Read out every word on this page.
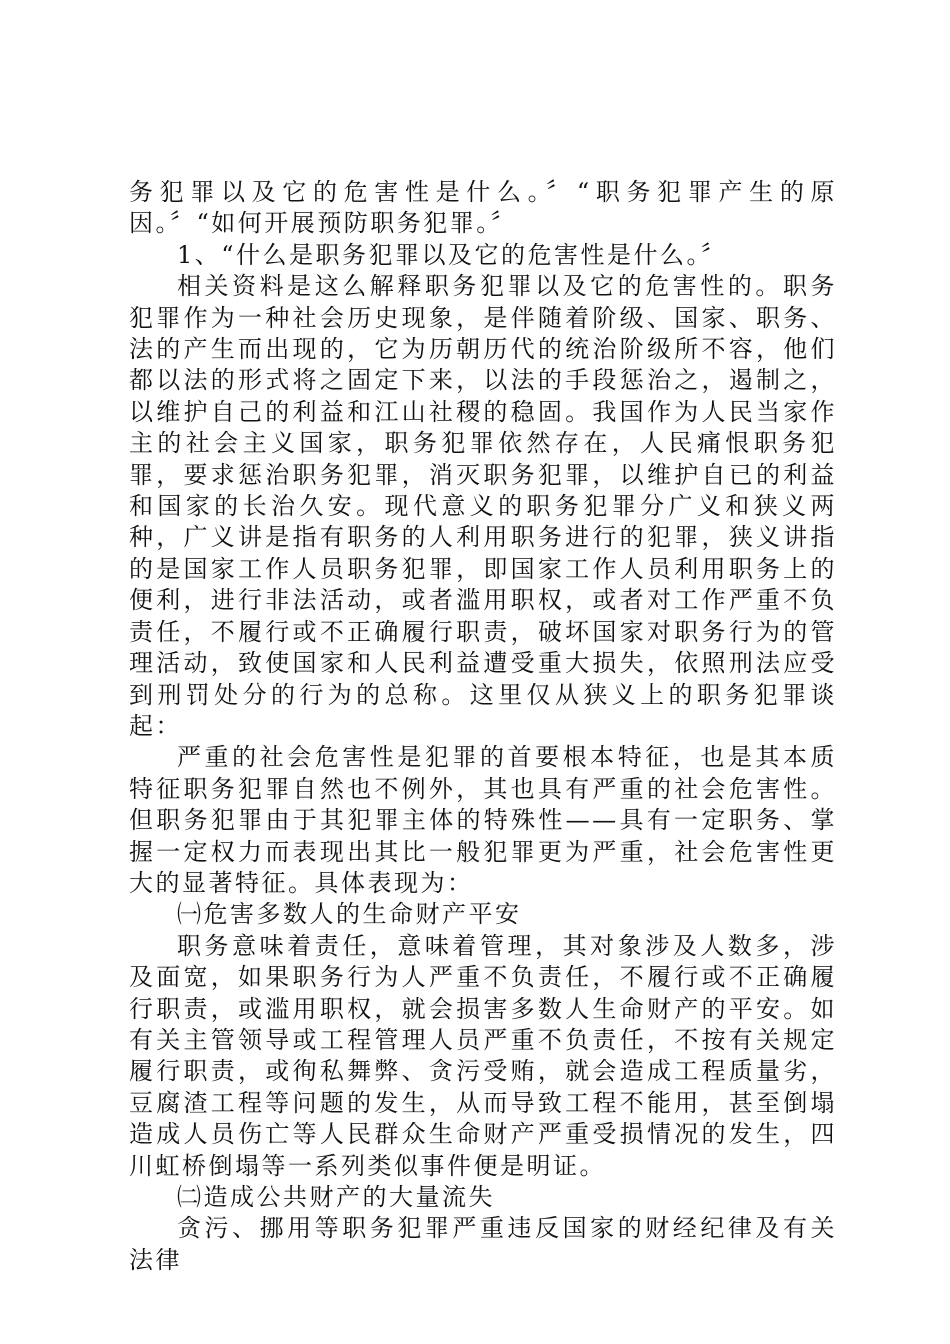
务犯罪以及它的危害性是什么。〞“职务犯罪产生的原因。〞“如何开展预防职务犯罪。〞

1、“什么是职务犯罪以及它的危害性是什么。〞

相关资料是这么解释职务犯罪以及它的危害性的。职务犯罪作为一种社会历史现象，是伴随着阶级、国家、职务、法的产生而出现的，它为历朝历代的统治阶级所不容，他们都以法的形式将之固定下来，以法的手段惩治之，遏制之，以维护自己的利益和江山社稷的稳固。我国作为人民当家作主的社会主义国家，职务犯罪依然存在，人民痛恨职务犯罪，要求惩治职务犯罪，消灭职务犯罪，以维护自已的利益和国家的长治久安。现代意义的职务犯罪分广义和狭义两种，广义讲是指有职务的人利用职务进行的犯罪，狭义讲指的是国家工作人员职务犯罪，即国家工作人员利用职务上的便利，进行非法活动，或者滥用职权，或者对工作严重不负责任，不履行或不正确履行职责，破坏国家对职务行为的管理活动，致使国家和人民利益遭受重大损失，依照刑法应受到刑罚处分的行为的总称。这里仅从狭义上的职务犯罪谈起：

严重的社会危害性是犯罪的首要根本特征，也是其本质特征职务犯罪自然也不例外，其也具有严重的社会危害性。但职务犯罪由于其犯罪主体的特殊性——具有一定职务、掌握一定权力而表现出其比一般犯罪更为严重，社会危害性更大的显著特征。具体表现为：

㈠危害多数人的生命财产平安

职务意味着责任，意味着管理，其对象涉及人数多，涉及面宽，如果职务行为人严重不负责任，不履行或不正确履行职责，或滥用职权，就会损害多数人生命财产的平安。如有关主管领导或工程管理人员严重不负责任，不按有关规定履行职责，或徇私舞弊、贪污受贿，就会造成工程质量劣，豆腐渣工程等问题的发生，从而导致工程不能用，甚至倒塌造成人员伤亡等人民群众生命财产严重受损情况的发生，四川虹桥倒塌等一系列类似事件便是明证。

㈡造成公共财产的大量流失

贪污、挪用等职务犯罪严重违反国家的财经纪律及有关法律
